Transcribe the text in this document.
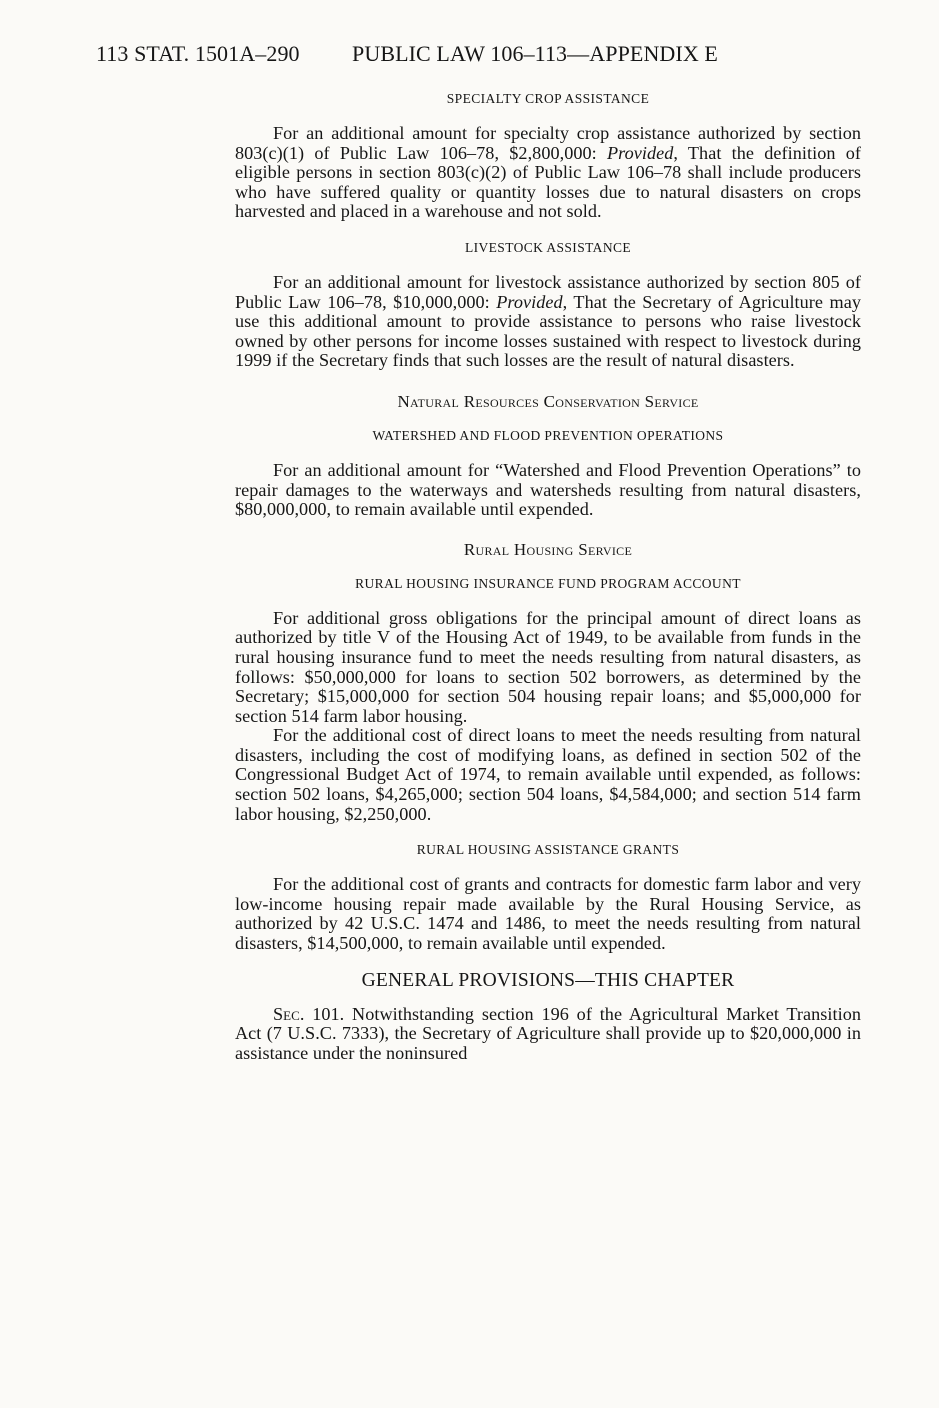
113 STAT. 1501A–290 PUBLIC LAW 106–113—APPENDIX E
SPECIALTY CROP ASSISTANCE

For an additional amount for specialty crop assistance authorized by section 803(c)(1) of Public Law 106–78, $2,800,000: Provided, That the definition of eligible persons in section 803(c)(2) of Public Law 106–78 shall include producers who have suffered quality or quantity losses due to natural disasters on crops harvested and placed in a warehouse and not sold.

LIVESTOCK ASSISTANCE

For an additional amount for livestock assistance authorized by section 805 of Public Law 106–78, $10,000,000: Provided, That the Secretary of Agriculture may use this additional amount to provide assistance to persons who raise livestock owned by other persons for income losses sustained with respect to livestock during 1999 if the Secretary finds that such losses are the result of natural disasters.

Natural Resources Conservation Service
WATERSHED AND FLOOD PREVENTION OPERATIONS

For an additional amount for “Watershed and Flood Prevention Operations” to repair damages to the waterways and watersheds resulting from natural disasters, $80,000,000, to remain available until expended.

Rural Housing Service
RURAL HOUSING INSURANCE FUND PROGRAM ACCOUNT

For additional gross obligations for the principal amount of direct loans as authorized by title V of the Housing Act of 1949, to be available from funds in the rural housing insurance fund to meet the needs resulting from natural disasters, as follows: $50,000,000 for loans to section 502 borrowers, as determined by the Secretary; $15,000,000 for section 504 housing repair loans; and $5,000,000 for section 514 farm labor housing.

For the additional cost of direct loans to meet the needs resulting from natural disasters, including the cost of modifying loans, as defined in section 502 of the Congressional Budget Act of 1974, to remain available until expended, as follows: section 502 loans, $4,265,000; section 504 loans, $4,584,000; and section 514 farm labor housing, $2,250,000.

RURAL HOUSING ASSISTANCE GRANTS

For the additional cost of grants and contracts for domestic farm labor and very low-income housing repair made available by the Rural Housing Service, as authorized by 42 U.S.C. 1474 and 1486, to meet the needs resulting from natural disasters, $14,500,000, to remain available until expended.

GENERAL PROVISIONS—THIS CHAPTER

Sec. 101. Notwithstanding section 196 of the Agricultural Market Transition Act (7 U.S.C. 7333), the Secretary of Agriculture shall provide up to $20,000,000 in assistance under the noninsured
